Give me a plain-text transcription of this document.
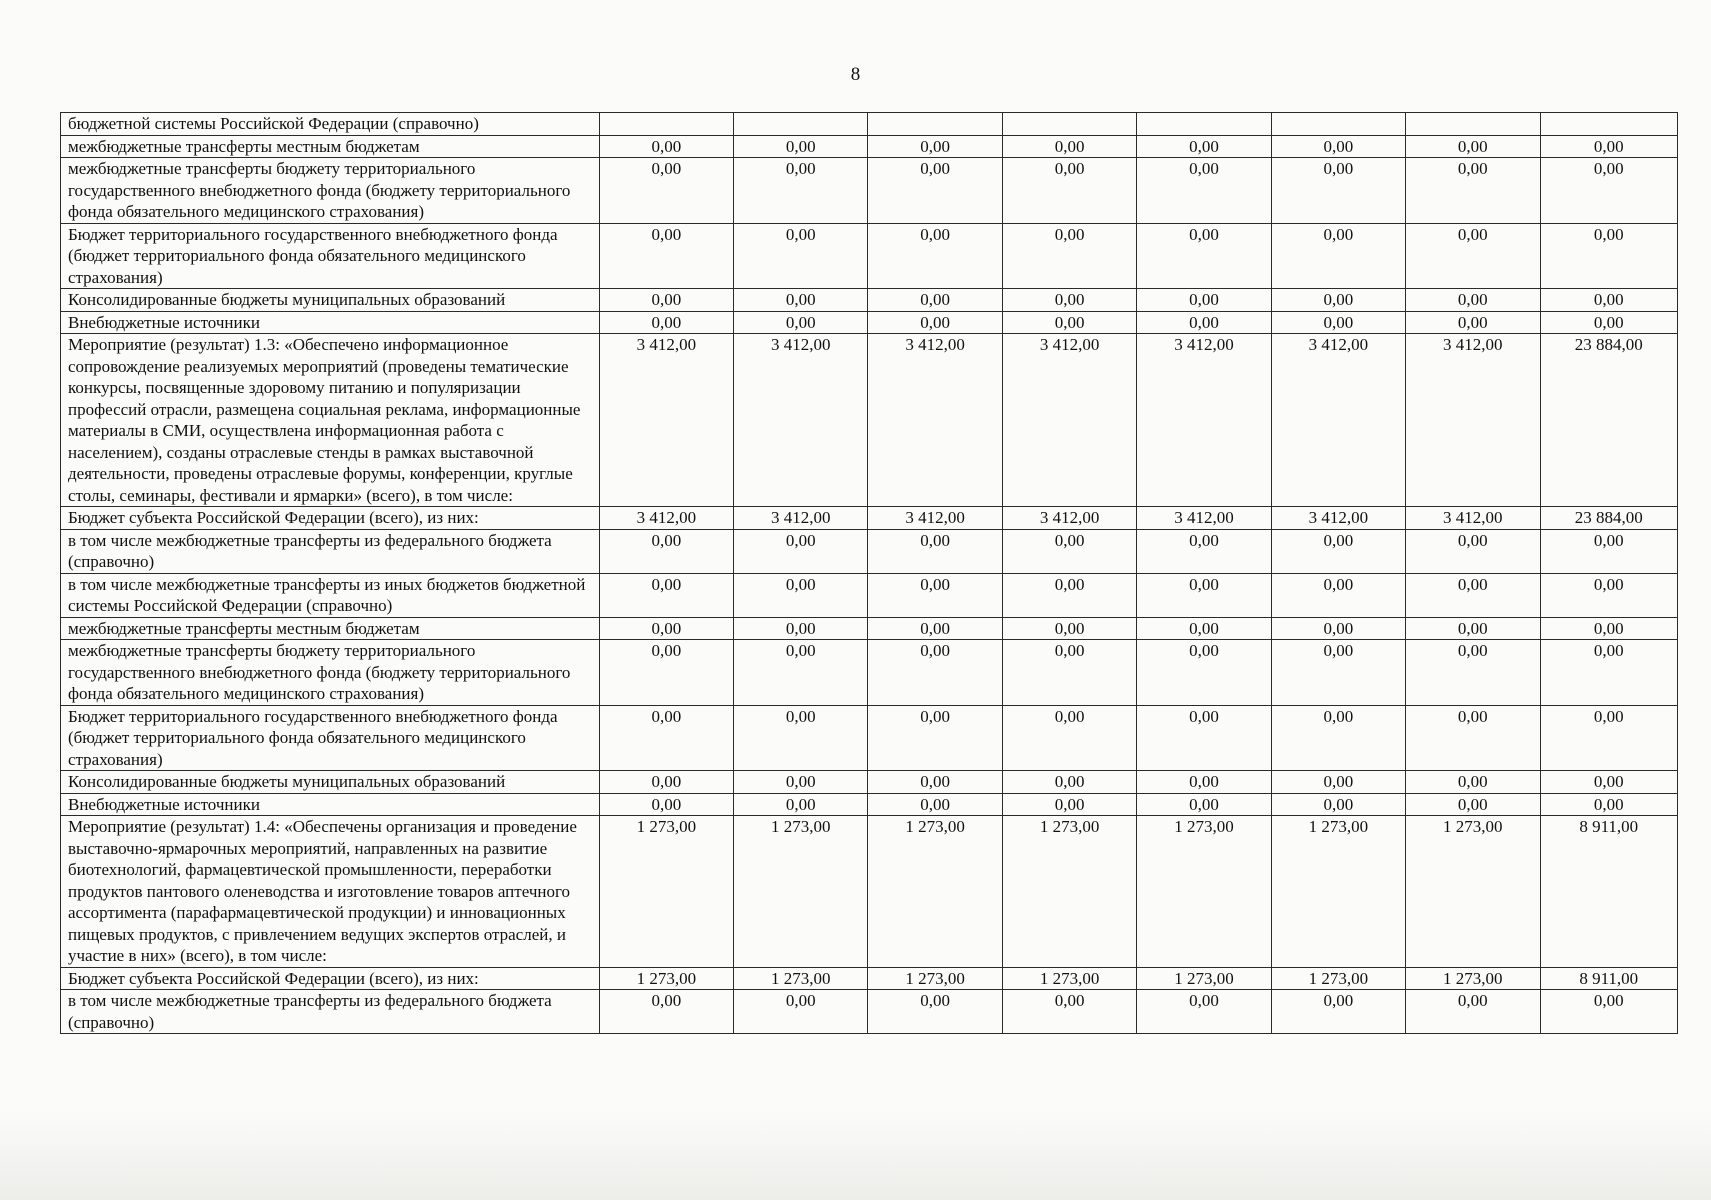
8
бюджетной системы Российской Федерации (справочно)								
межбюджетные трансферты местным бюджетам	0,00	0,00	0,00	0,00	0,00	0,00	0,00	0,00
межбюджетные трансферты бюджету территориального государственного внебюджетного фонда (бюджету территориального фонда обязательного медицинского страхования)	0,00	0,00	0,00	0,00	0,00	0,00	0,00	0,00
Бюджет территориального государственного внебюджетного фонда (бюджет территориального фонда обязательного медицинского страхования)	0,00	0,00	0,00	0,00	0,00	0,00	0,00	0,00
Консолидированные бюджеты муниципальных образований	0,00	0,00	0,00	0,00	0,00	0,00	0,00	0,00
Внебюджетные источники	0,00	0,00	0,00	0,00	0,00	0,00	0,00	0,00
Мероприятие (результат) 1.3: «Обеспечено информационное сопровождение реализуемых мероприятий (проведены тематические конкурсы, посвященные здоровому питанию и популяризации профессий отрасли, размещена социальная реклама, информационные материалы в СМИ, осуществлена информационная работа с населением), созданы отраслевые стенды в рамках выставочной деятельности, проведены отраслевые форумы, конференции, круглые столы, семинары, фестивали и ярмарки» (всего), в том числе:	3 412,00	3 412,00	3 412,00	3 412,00	3 412,00	3 412,00	3 412,00	23 884,00
Бюджет субъекта Российской Федерации (всего), из них:	3 412,00	3 412,00	3 412,00	3 412,00	3 412,00	3 412,00	3 412,00	23 884,00
в том числе межбюджетные трансферты из федерального бюджета (справочно)	0,00	0,00	0,00	0,00	0,00	0,00	0,00	0,00
в том числе межбюджетные трансферты из иных бюджетов бюджетной системы Российской Федерации (справочно)	0,00	0,00	0,00	0,00	0,00	0,00	0,00	0,00
межбюджетные трансферты местным бюджетам	0,00	0,00	0,00	0,00	0,00	0,00	0,00	0,00
межбюджетные трансферты бюджету территориального государственного внебюджетного фонда (бюджету территориального фонда обязательного медицинского страхования)	0,00	0,00	0,00	0,00	0,00	0,00	0,00	0,00
Бюджет территориального государственного внебюджетного фонда (бюджет территориального фонда обязательного медицинского страхования)	0,00	0,00	0,00	0,00	0,00	0,00	0,00	0,00
Консолидированные бюджеты муниципальных образований	0,00	0,00	0,00	0,00	0,00	0,00	0,00	0,00
Внебюджетные источники	0,00	0,00	0,00	0,00	0,00	0,00	0,00	0,00
Мероприятие (результат) 1.4: «Обеспечены организация и проведение выставочно-ярмарочных мероприятий, направленных на развитие биотехнологий, фармацевтической промышленности, переработки продуктов пантового оленеводства и изготовление товаров аптечного ассортимента (парафармацевтической продукции) и инновационных пищевых продуктов, с привлечением ведущих экспертов отраслей, и участие в них» (всего), в том числе:	1 273,00	1 273,00	1 273,00	1 273,00	1 273,00	1 273,00	1 273,00	8 911,00
Бюджет субъекта Российской Федерации (всего), из них:	1 273,00	1 273,00	1 273,00	1 273,00	1 273,00	1 273,00	1 273,00	8 911,00
в том числе межбюджетные трансферты из федерального бюджета (справочно)	0,00	0,00	0,00	0,00	0,00	0,00	0,00	0,00
